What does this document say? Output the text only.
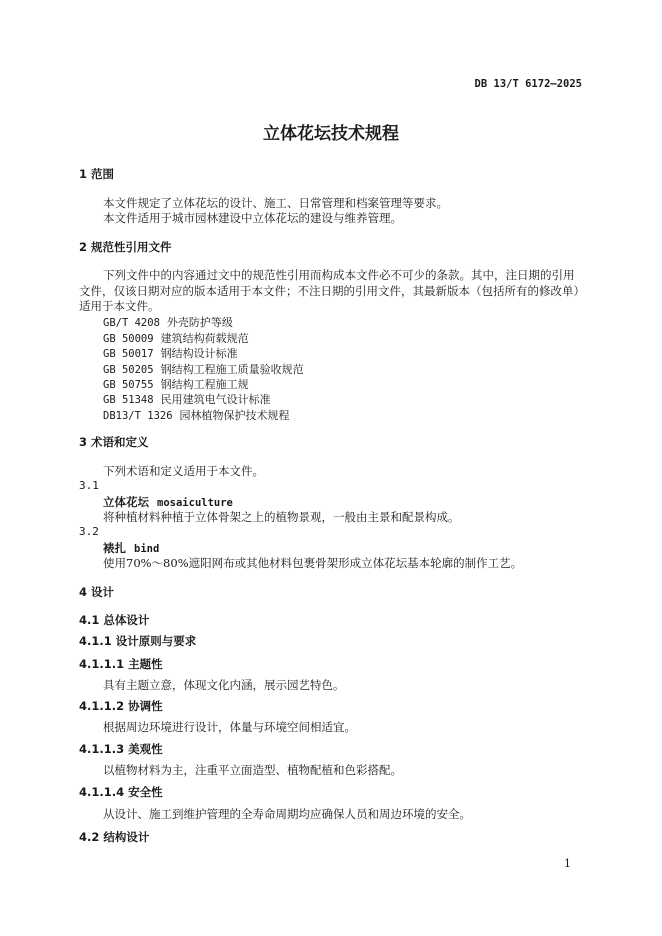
DB 13/T 6172—2025
立体花坛技术规程
1 范围
本文件规定了立体花坛的设计、施工、日常管理和档案管理等要求。
本文件适用于城市园林建设中立体花坛的建设与维养管理。
2 规范性引用文件
下列文件中的内容通过文中的规范性引用而构成本文件必不可少的条款。其中，注日期的引用
文件，仅该日期对应的版本适用于本文件；不注日期的引用文件，其最新版本（包括所有的修改单）
适用于本文件。
GB/T 4208 外壳防护等级
GB 50009 建筑结构荷载规范
GB 50017 钢结构设计标准
GB 50205 钢结构工程施工质量验收规范
GB 50755 钢结构工程施工规
GB 51348 民用建筑电气设计标准
DB13/T 1326 园林植物保护技术规程
3 术语和定义
下列术语和定义适用于本文件。
3.1
立体花坛 mosaiculture
将种植材料种植于立体骨架之上的植物景观，一般由主景和配景构成。
3.2
裱扎 bind
使用70%～80%遮阳网布或其他材料包裹骨架形成立体花坛基本轮廓的制作工艺。
4 设计
4.1 总体设计
4.1.1 设计原则与要求
4.1.1.1 主题性
具有主题立意，体现文化内涵，展示园艺特色。
4.1.1.2 协调性
根据周边环境进行设计，体量与环境空间相适宜。
4.1.1.3 美观性
以植物材料为主，注重平立面造型、植物配植和色彩搭配。
4.1.1.4 安全性
从设计、施工到维护管理的全寿命周期均应确保人员和周边环境的安全。
4.2 结构设计
1
